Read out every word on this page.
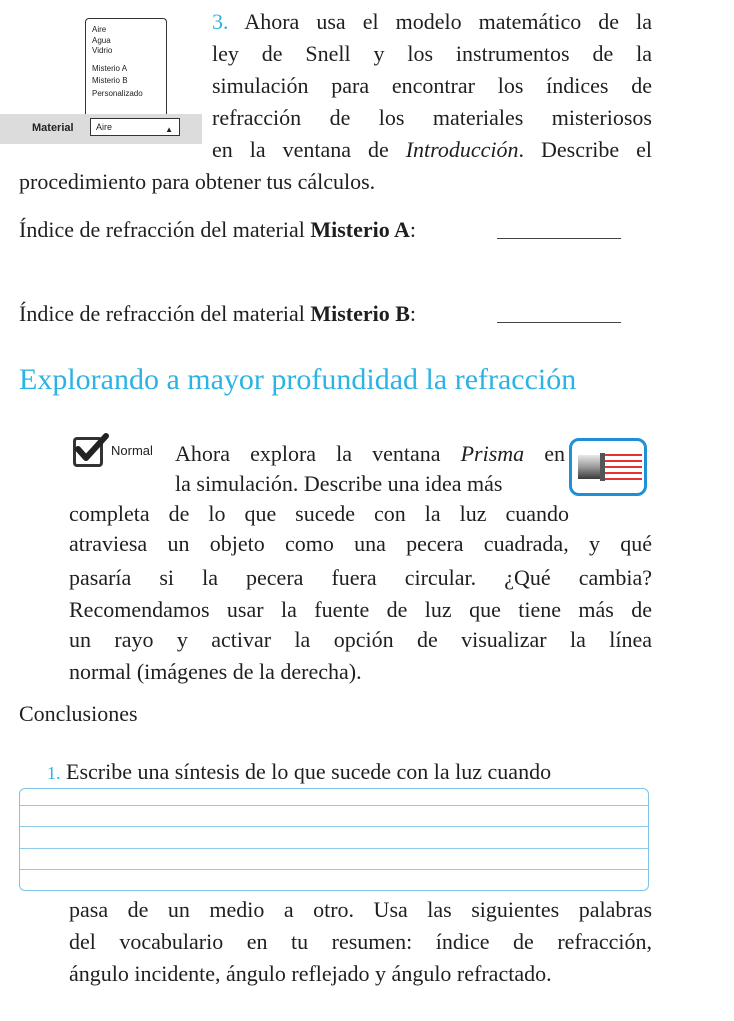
Aire
Agua
Vidrio
Misterio A
Misterio B
Personalizado
Material	Aire	▲

3. Ahora usa el modelo matemático de la

ley de Snell y los instrumentos de la

simulación para encontrar los índices de

refracción de los materiales misteriosos

en la ventana de Introducción. Describe el

procedimiento para obtener tus cálculos.

Índice de refracción del material Misterio A:

Índice de refracción del material Misterio B:

Explorando a mayor profundidad la refracción
Normal Ahora explora la ventana Prisma en

la simulación. Describe una idea más

completa de lo que sucede con la luz cuando

atraviesa un objeto como una pecera cuadrada, y qué

pasaría si la pecera fuera circular. ¿Qué cambia?

Recomendamos usar la fuente de luz que tiene más de

un rayo y activar la opción de visualizar la línea

normal (imágenes de la derecha).

Conclusiones

1. Escribe una síntesis de lo que sucede con la luz cuando

pasa de un medio a otro. Usa las siguientes palabras

del vocabulario en tu resumen: índice de refracción,

ángulo incidente, ángulo reflejado y ángulo refractado.
